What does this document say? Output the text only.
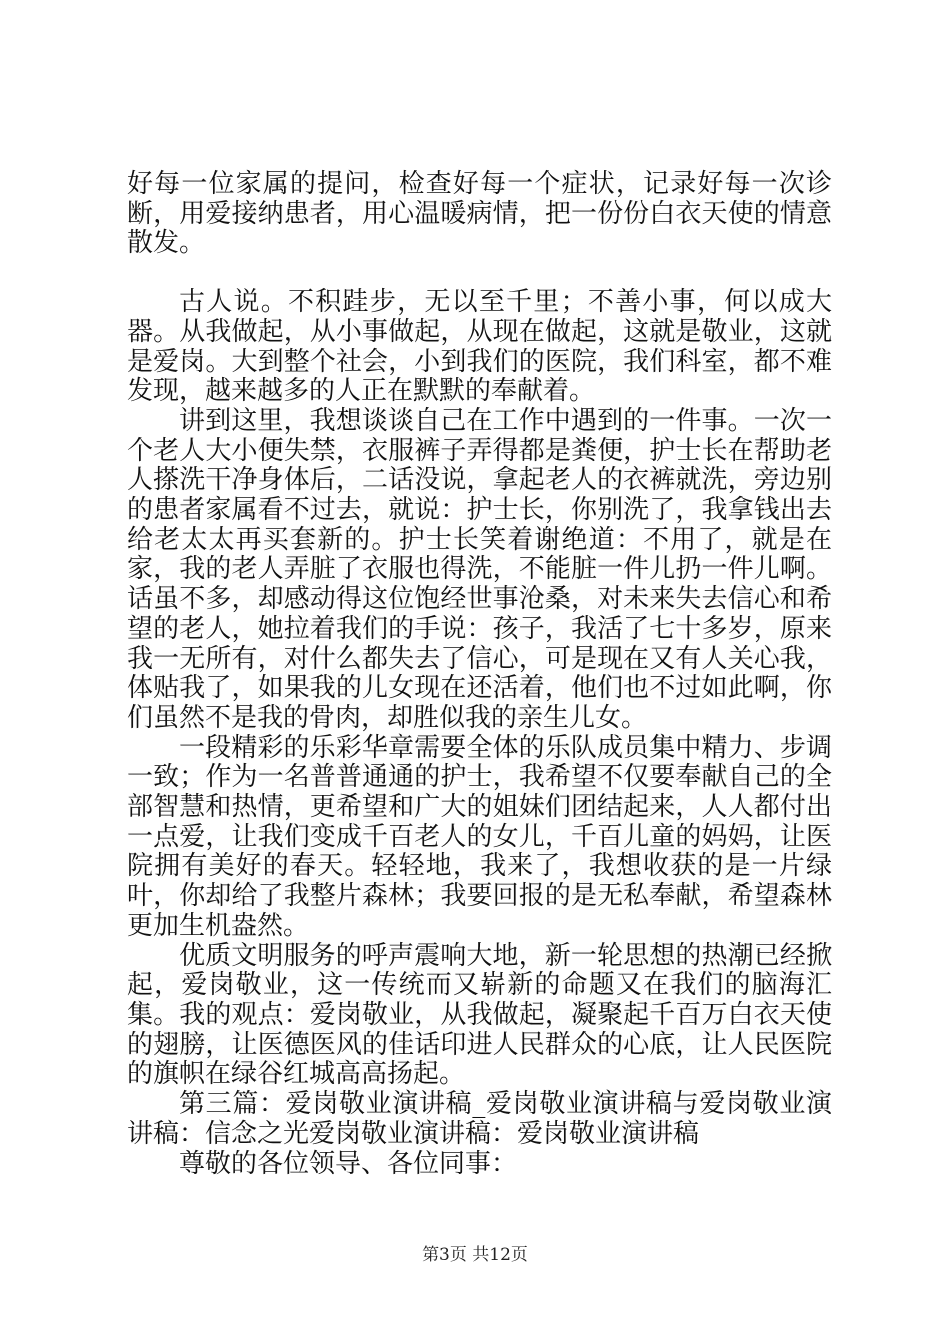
好每一位家属的提问，检查好每一个症状，记录好每一次诊断，用爱接纳患者，用心温暖病情，把一份份白衣天使的情意散发。

古人说。不积跬步，无以至千里；不善小事，何以成大器。从我做起，从小事做起，从现在做起，这就是敬业，这就是爱岗。大到整个社会，小到我们的医院，我们科室，都不难发现，越来越多的人正在默默的奉献着。

讲到这里，我想谈谈自己在工作中遇到的一件事。一次一个老人大小便失禁，衣服裤子弄得都是粪便，护士长在帮助老人搽洗干净身体后，二话没说，拿起老人的衣裤就洗，旁边别的患者家属看不过去，就说：护士长，你别洗了，我拿钱出去给老太太再买套新的。护士长笑着谢绝道：不用了，就是在家，我的老人弄脏了衣服也得洗，不能脏一件儿扔一件儿啊。话虽不多，却感动得这位饱经世事沧桑，对未来失去信心和希望的老人，她拉着我们的手说：孩子，我活了七十多岁，原来我一无所有，对什么都失去了信心，可是现在又有人关心我，体贴我了，如果我的儿女现在还活着，他们也不过如此啊，你们虽然不是我的骨肉，却胜似我的亲生儿女。

一段精彩的乐彩华章需要全体的乐队成员集中精力、步调一致；作为一名普普通通的护士，我希望不仅要奉献自己的全部智慧和热情，更希望和广大的姐妹们团结起来，人人都付出一点爱，让我们变成千百老人的女儿，千百儿童的妈妈，让医院拥有美好的春天。轻轻地，我来了，我想收获的是一片绿叶，你却给了我整片森林；我要回报的是无私奉献，希望森林更加生机盎然。

优质文明服务的呼声震响大地，新一轮思想的热潮已经掀起，爱岗敬业，这一传统而又崭新的命题又在我们的脑海汇集。我的观点：爱岗敬业，从我做起，凝聚起千百万白衣天使的翅膀，让医德医风的佳话印进人民群众的心底，让人民医院的旗帜在绿谷红城高高扬起。

第三篇：爱岗敬业演讲稿_爱岗敬业演讲稿与爱岗敬业演讲稿：信念之光爱岗敬业演讲稿：爱岗敬业演讲稿

尊敬的各位领导、各位同事：

第3页 共12页
